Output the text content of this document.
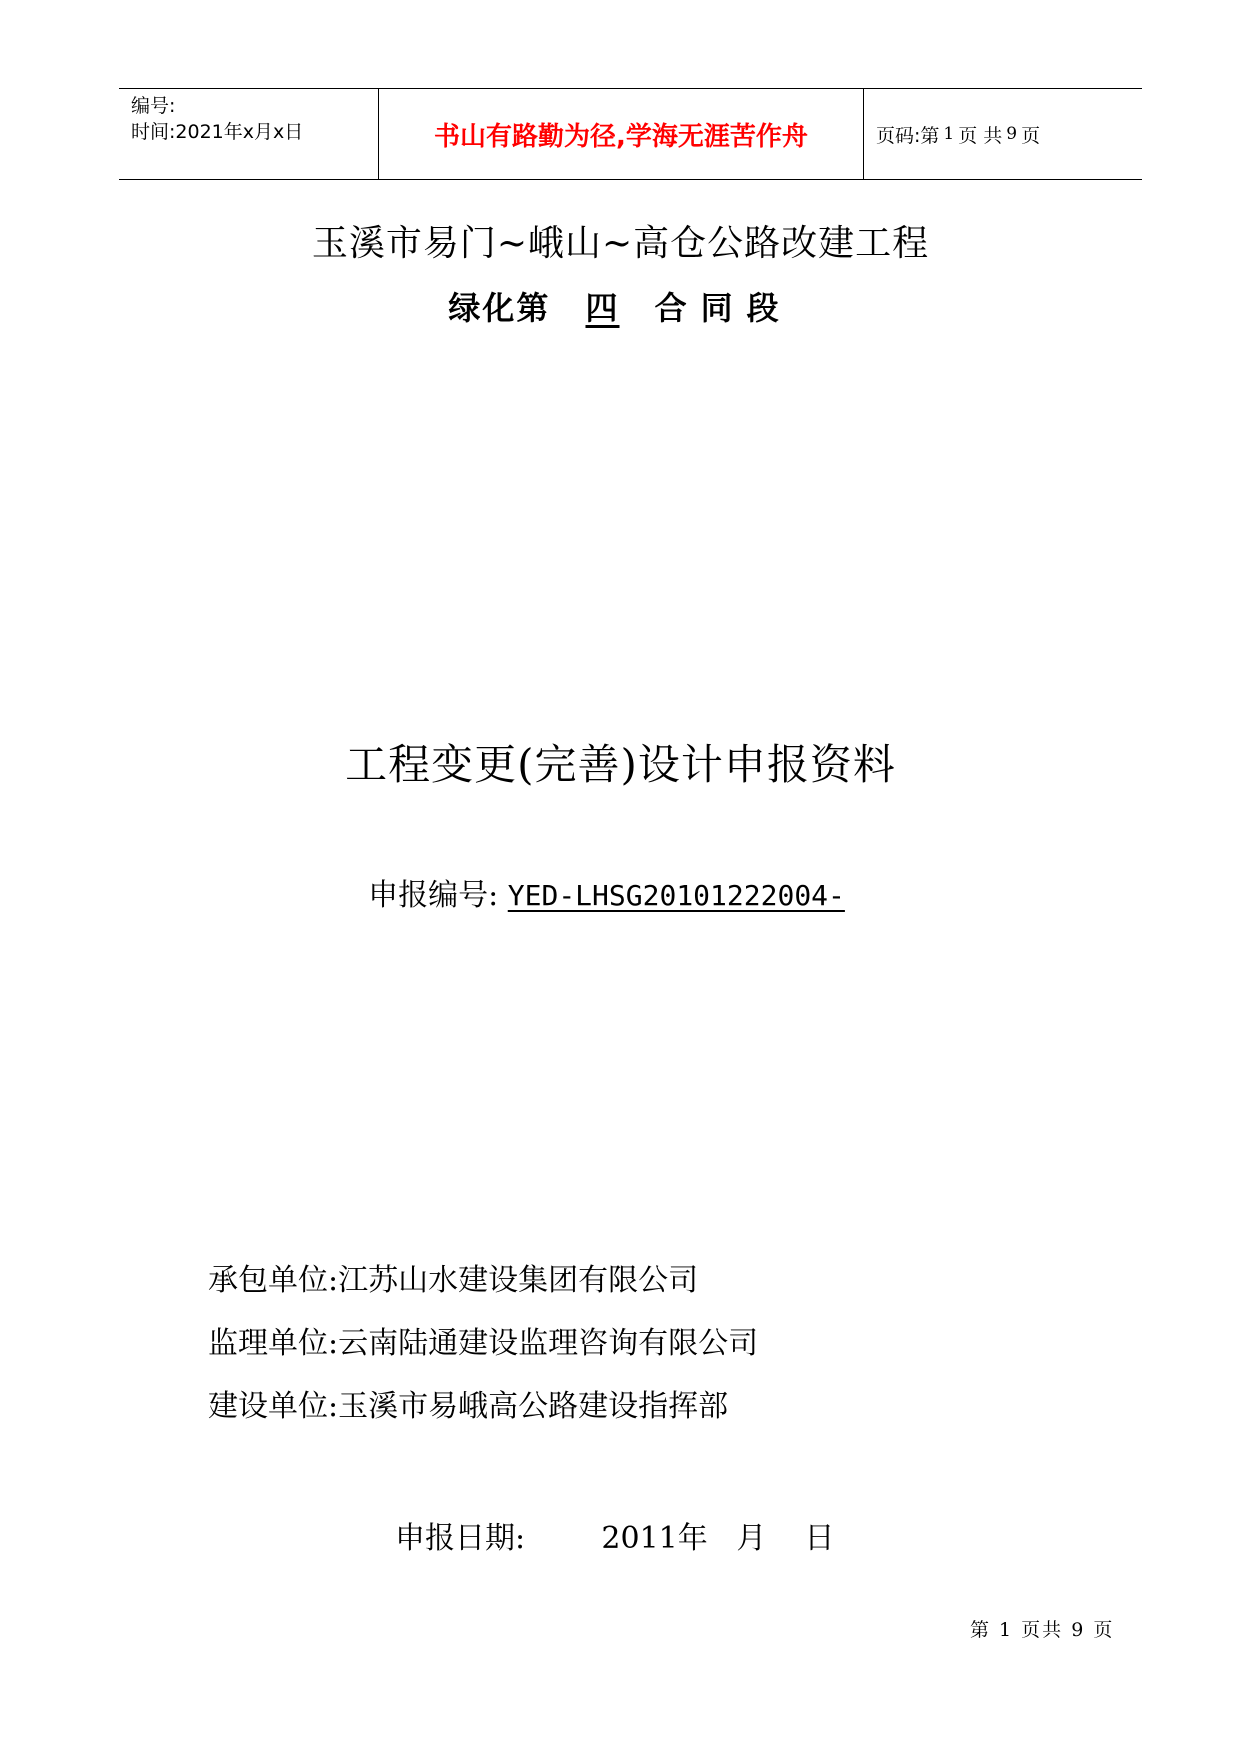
编号:
时间:2021年x月x日	书山有路勤为径,学海无涯苦作舟	页码:第 1 页 共 9 页
玉溪市易门~峨山~高仓公路改建工程
绿化第 四 合同段
工程变更(完善)设计申报资料
申报编号: YED-LHSG20101222004-
承包单位:江苏山水建设集团有限公司
监理单位:云南陆通建设监理咨询有限公司
建设单位:玉溪市易峨高公路建设指挥部
申报日期:        2011年   月    日
第 1 页共 9 页
